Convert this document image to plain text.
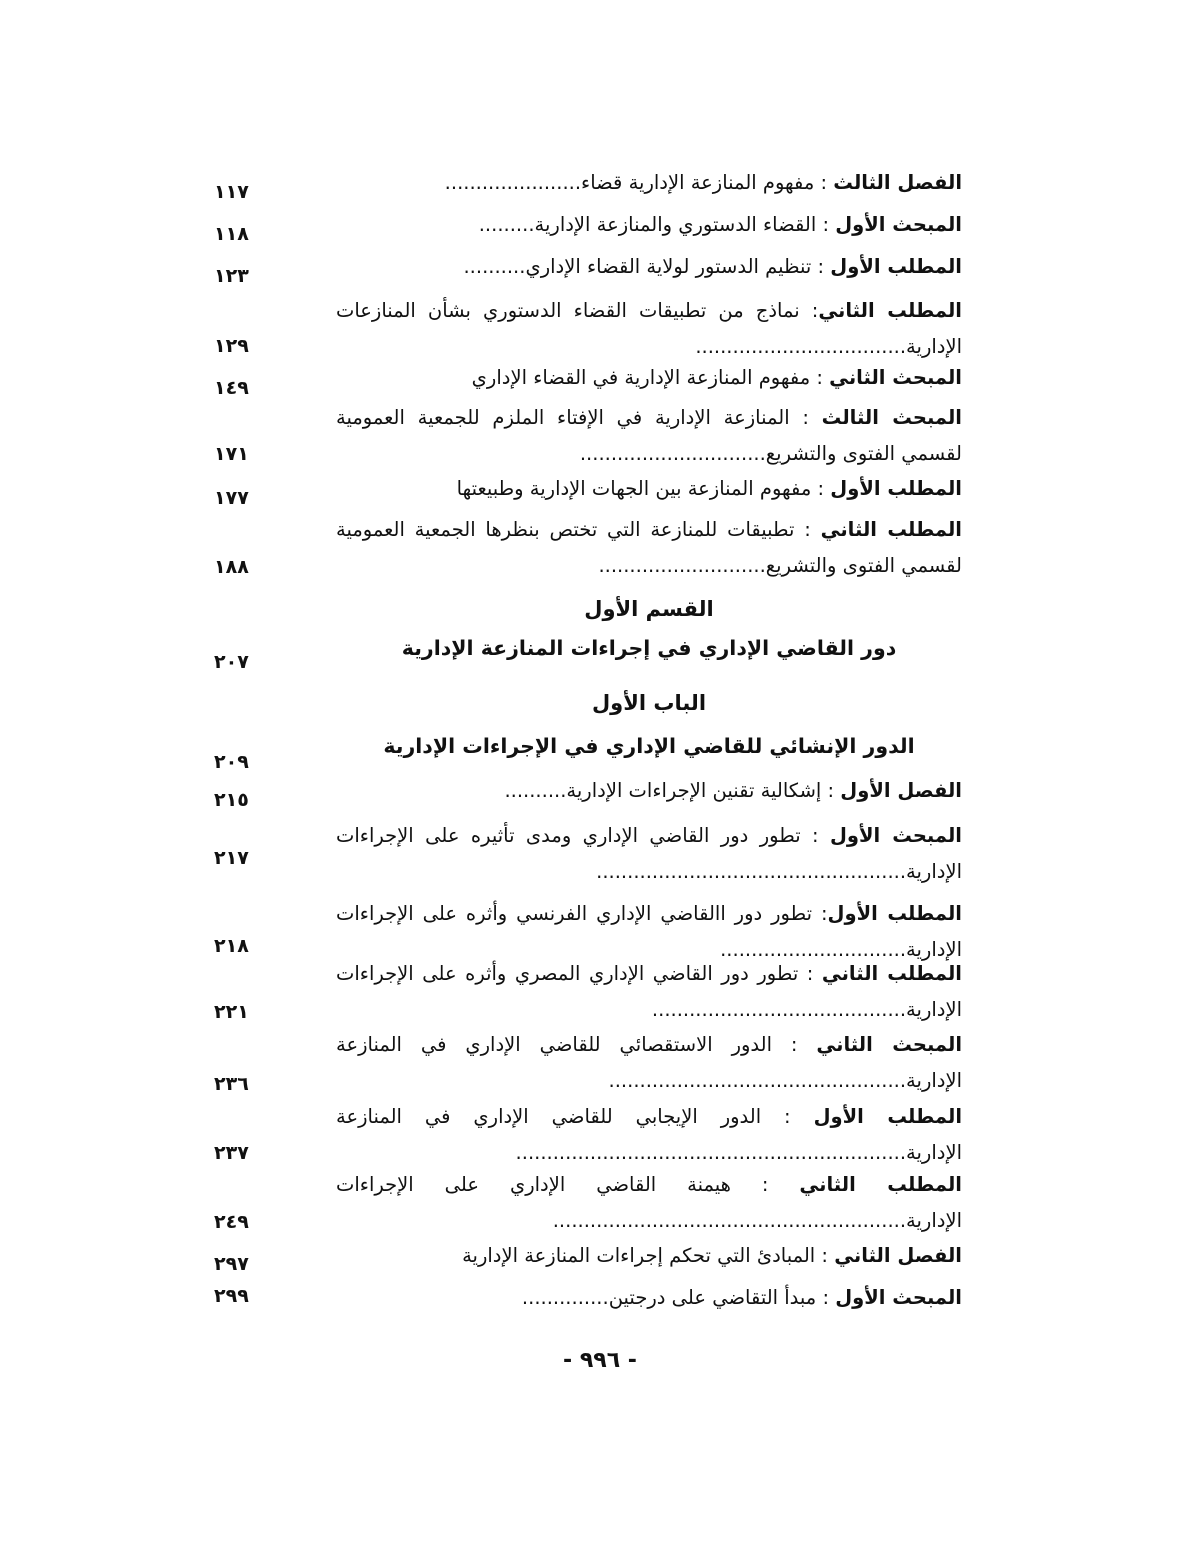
الفصل الثالث : مفهوم المنازعة الإدارية قضاء......................
١١٧
المبحث الأول : القضاء الدستوري والمنازعة الإدارية.........
١١٨
المطلب الأول : تنظيم الدستور لولاية القضاء الإداري..........
١٢٣
المطلب الثاني: نماذج من تطبيقات القضاء الدستوري بشأن المنازعات الإدارية..................................
١٢٩
المبحث الثاني : مفهوم المنازعة الإدارية في القضاء الإداري
١٤٩
المبحث الثالث : المنازعة الإدارية في الإفتاء الملزم للجمعية العمومية لقسمي الفتوى والتشريع..............................
١٧١
المطلب الأول : مفهوم المنازعة بين الجهات الإدارية وطبيعتها
١٧٧
المطلب الثاني : تطبيقات للمنازعة التي تختص بنظرها الجمعية العمومية لقسمي الفتوى والتشريع...........................
١٨٨
القسم الأول
دور القاضي الإداري في إجراءات المنازعة الإدارية
٢٠٧
الباب الأول
الدور الإنشائي للقاضي الإداري في الإجراءات الإدارية
٢٠٩
الفصل الأول : إشكالية تقنين الإجراءات الإدارية..........
٢١٥
المبحث الأول : تطور دور القاضي الإداري ومدى تأثيره على الإجراءات الإدارية..................................................
٢١٧
المطلب الأول: تطور دور االقاضي الإداري الفرنسي وأثره على الإجراءات الإدارية..............................
٢١٨
المطلب الثاني : تطور دور القاضي الإداري المصري وأثره على الإجراءات الإدارية.........................................
٢٢١
المبحث الثاني : الدور الاستقصائي للقاضي الإداري في المنازعة الإدارية................................................
٢٣٦
المطلب الأول : الدور الإيجابي للقاضي الإداري في المنازعة الإدارية...............................................................
٢٣٧
المطلب الثاني : هيمنة القاضي الإداري على الإجراءات الإدارية.........................................................
٢٤٩
الفصل الثاني : المبادئ التي تحكم إجراءات المنازعة الإدارية
٢٩٧
المبحث الأول : مبدأ التقاضي على درجتين..............
٢٩٩
- ٩٩٦ -
